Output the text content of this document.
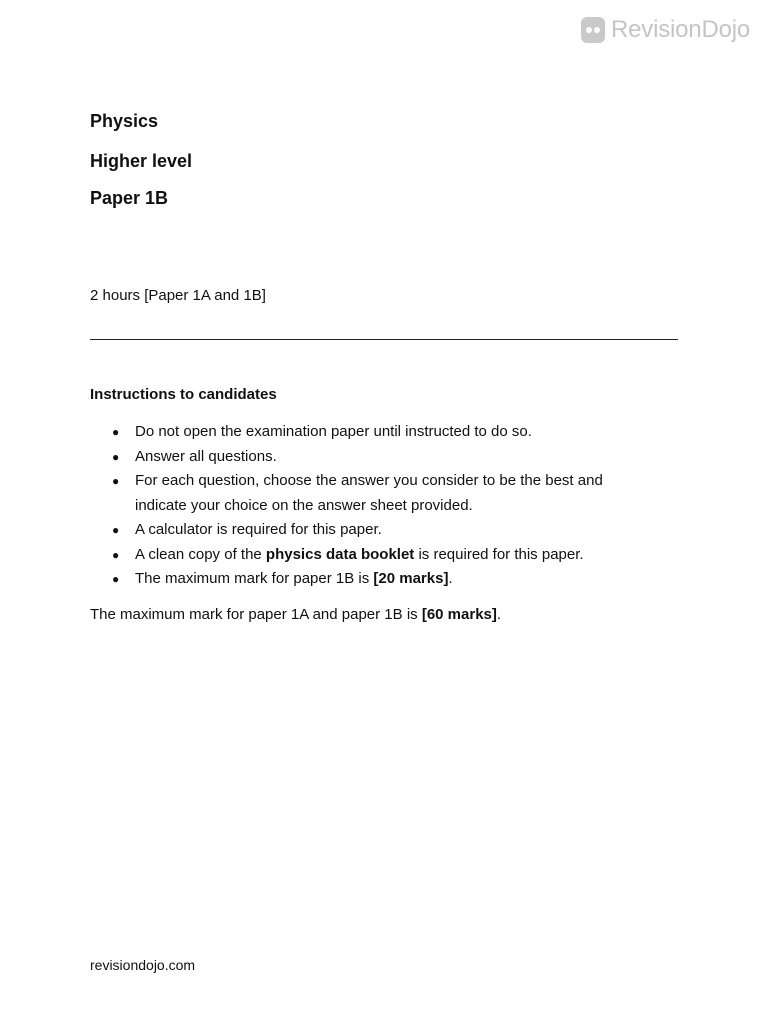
RevisionDojo
Physics
Higher level
Paper 1B
2 hours [Paper 1A and 1B]
Instructions to candidates
● Do not open the examination paper until instructed to do so.
● Answer all questions.
● For each question, choose the answer you consider to be the best and indicate your choice on the answer sheet provided.
● A calculator is required for this paper.
● A clean copy of the physics data booklet is required for this paper.
● The maximum mark for paper 1B is [20 marks].
The maximum mark for paper 1A and paper 1B is [60 marks].
revisiondojo.com
